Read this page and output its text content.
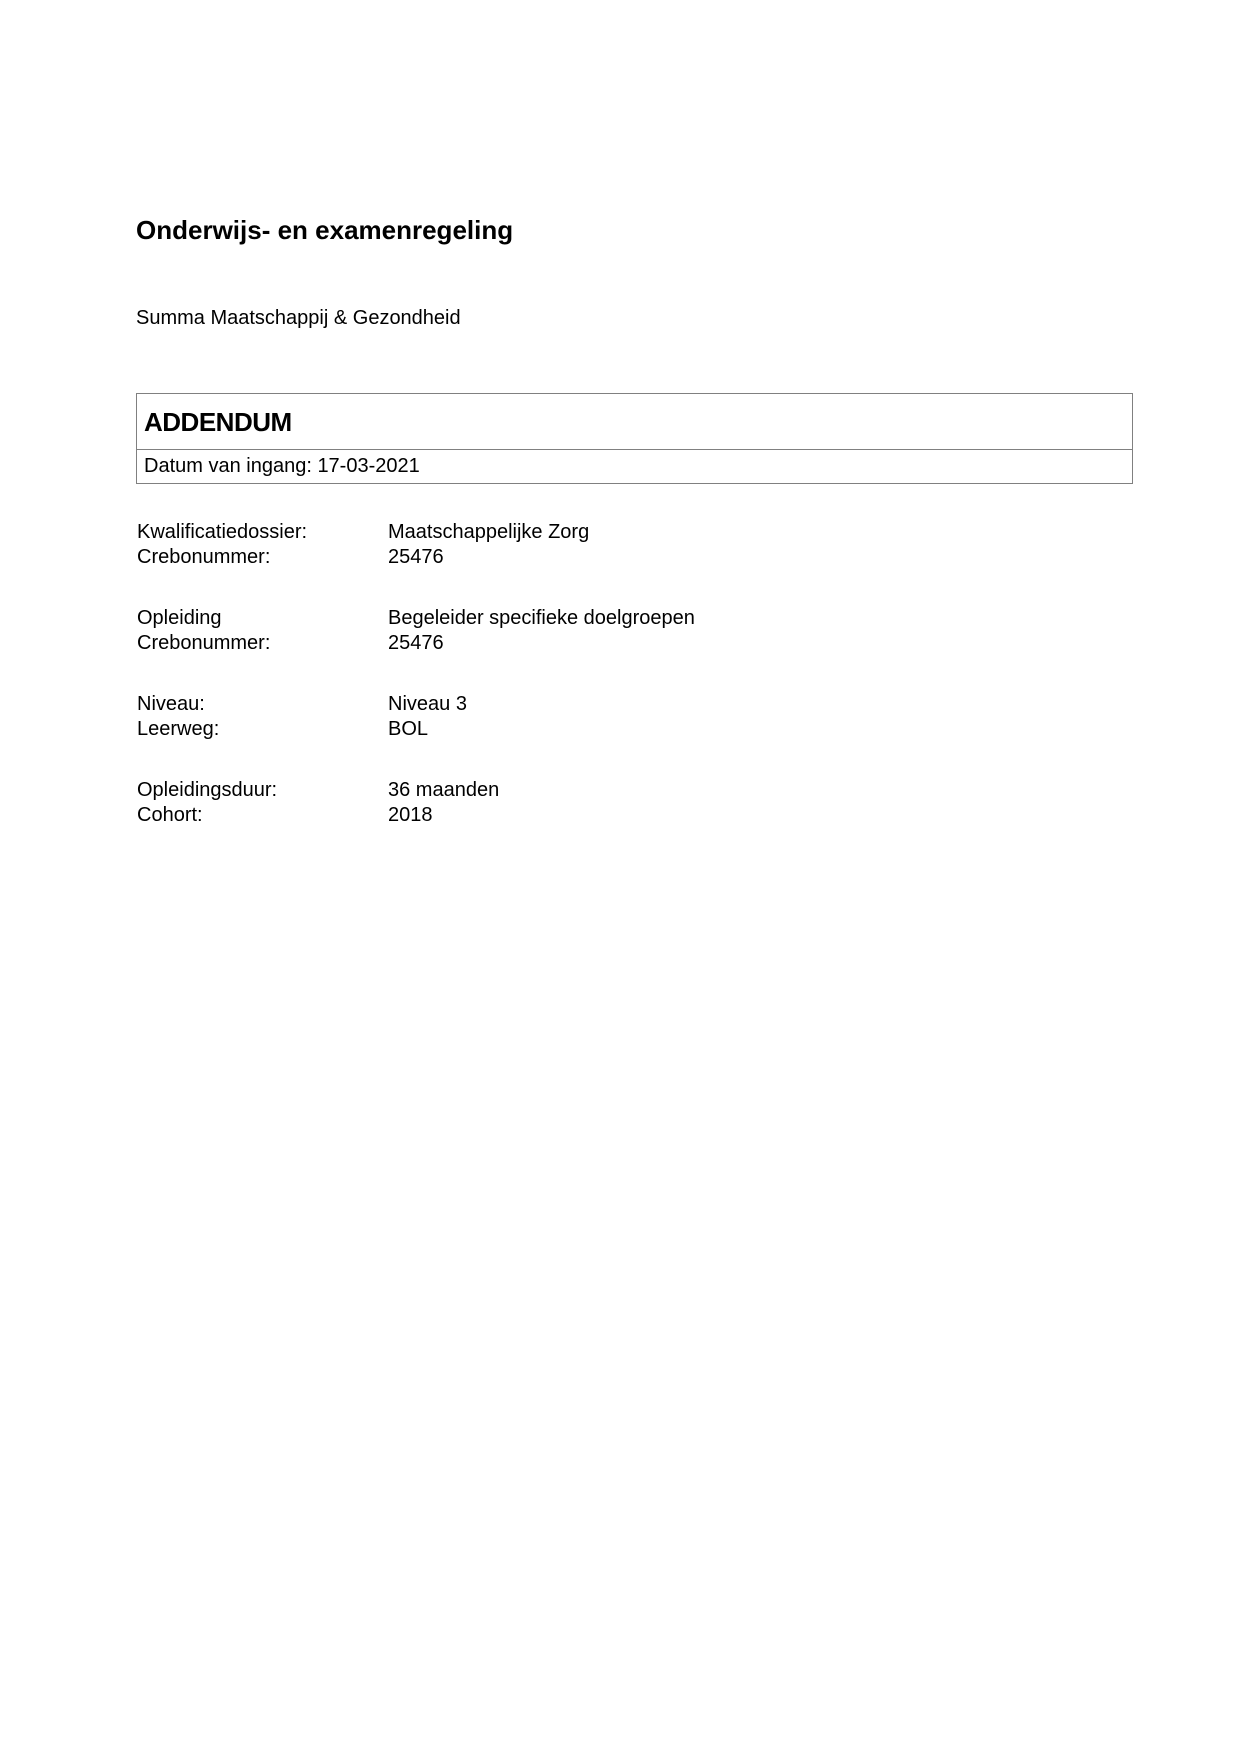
Onderwijs- en examenregeling
Summa Maatschappij & Gezondheid
ADDENDUM
Datum van ingang: 17-03-2021
Kwalificatiedossier:	Maatschappelijke Zorg
Crebonummer:	25476
Opleiding	Begeleider specifieke doelgroepen
Crebonummer:	25476
Niveau:	Niveau 3
Leerweg:	BOL
Opleidingsduur:	36 maanden
Cohort:	2018
